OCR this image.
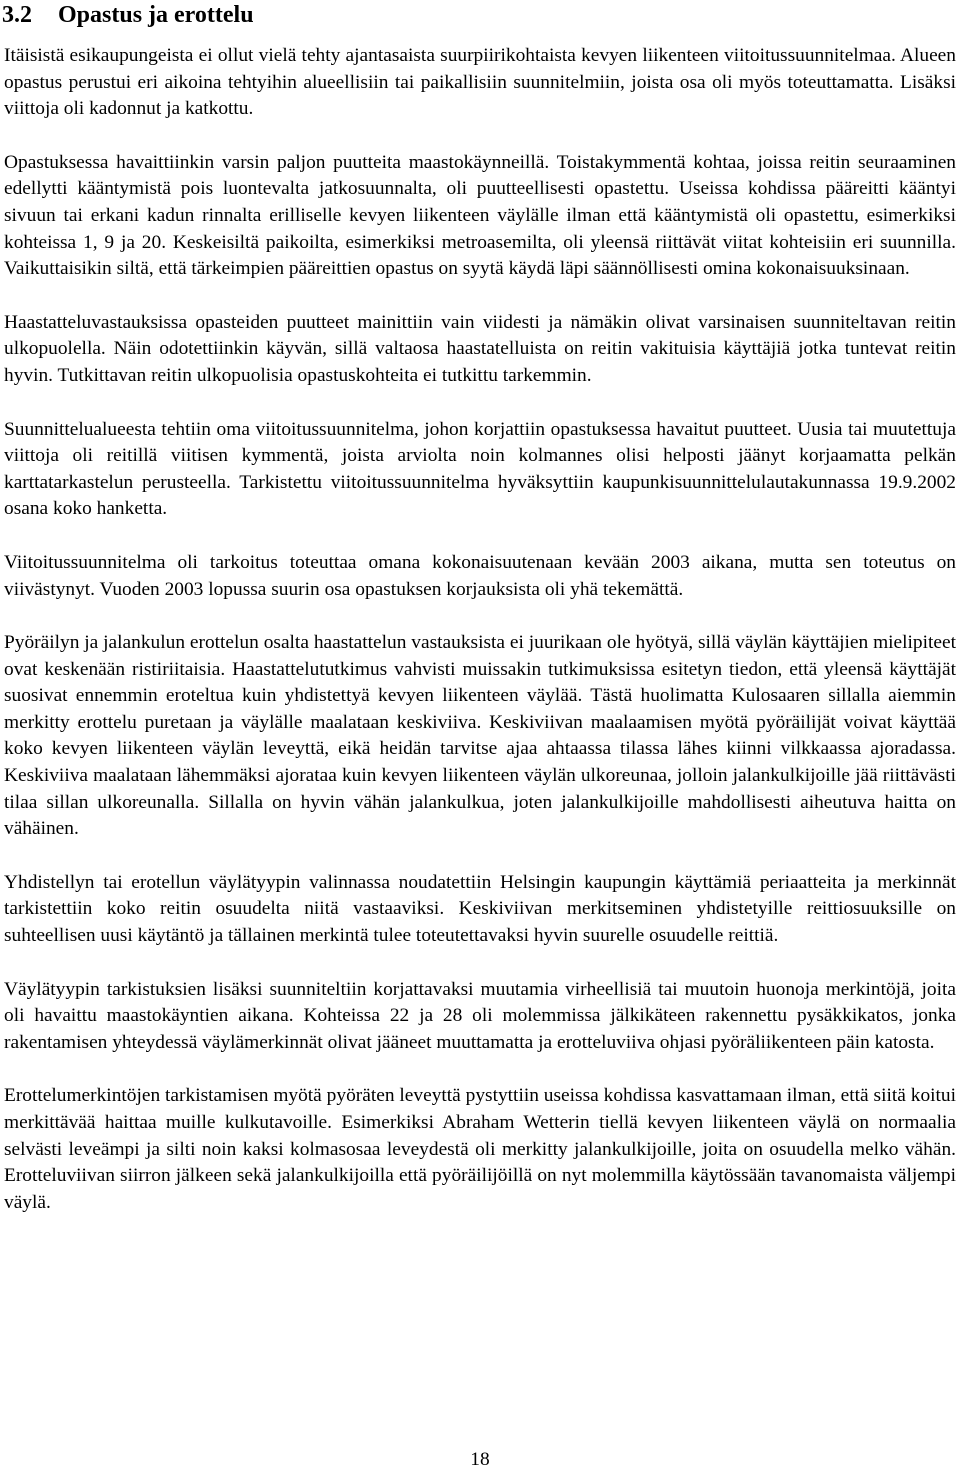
3.2 Opastus ja erottelu

Itäisistä esikaupungeista ei ollut vielä tehty ajantasaista suurpiirikohtaista kevyen liikenteen viitoitussuunnitelmaa. Alueen opastus perustui eri aikoina tehtyihin alueellisiin tai paikallisiin suunnitelmiin, joista osa oli myös toteuttamatta. Lisäksi viittoja oli kadonnut ja katkottu.

Opastuksessa havaittiinkin varsin paljon puutteita maastokäynneillä. Toistakymmentä kohtaa, joissa reitin seuraaminen edellytti kääntymistä pois luontevalta jatkosuunnalta, oli puutteellisesti opastettu. Useissa kohdissa pääreitti kääntyi sivuun tai erkani kadun rinnalta erilliselle kevyen liikenteen väylälle ilman että kääntymistä oli opastettu, esimerkiksi kohteissa 1, 9 ja 20. Keskeisiltä paikoilta, esimerkiksi metroasemilta, oli yleensä riittävät viitat kohteisiin eri suunnilla. Vaikuttaisikin siltä, että tärkeimpien pääreittien opastus on syytä käydä läpi säännöllisesti omina kokonaisuuksinaan.

Haastatteluvastauksissa opasteiden puutteet mainittiin vain viidesti ja nämäkin olivat varsinaisen suunniteltavan reitin ulkopuolella. Näin odotettiinkin käyvän, sillä valtaosa haastatelluista on reitin vakituisia käyttäjiä jotka tuntevat reitin hyvin. Tutkittavan reitin ulkopuolisia opastuskohteita ei tutkittu tarkemmin.

Suunnittelualueesta tehtiin oma viitoitussuunnitelma, johon korjattiin opastuksessa havaitut puutteet. Uusia tai muutettuja viittoja oli reitillä viitisen kymmentä, joista arviolta noin kolmannes olisi helposti jäänyt korjaamatta pelkän karttatarkastelun perusteella. Tarkistettu viitoitussuunnitelma hyväksyttiin kaupunkisuunnittelulautakunnassa 19.9.2002 osana koko hanketta.

Viitoitussuunnitelma oli tarkoitus toteuttaa omana kokonaisuutenaan kevään 2003 aikana, mutta sen toteutus on viivästynyt. Vuoden 2003 lopussa suurin osa opastuksen korjauksista oli yhä tekemättä.

Pyöräilyn ja jalankulun erottelun osalta haastattelun vastauksista ei juurikaan ole hyötyä, sillä väylän käyttäjien mielipiteet ovat keskenään ristiriitaisia. Haastattelututkimus vahvisti muissakin tutkimuksissa esitetyn tiedon, että yleensä käyttäjät suosivat ennemmin eroteltua kuin yhdistettyä kevyen liikenteen väylää. Tästä huolimatta Kulosaaren sillalla aiemmin merkitty erottelu puretaan ja väylälle maalataan keskiviiva. Keskiviivan maalaamisen myötä pyöräilijät voivat käyttää koko kevyen liikenteen väylän leveyttä, eikä heidän tarvitse ajaa ahtaassa tilassa lähes kiinni vilkkaassa ajoradassa. Keskiviiva maalataan lähemmäksi ajorataa kuin kevyen liikenteen väylän ulkoreunaa, jolloin jalankulkijoille jää riittävästi tilaa sillan ulkoreunalla. Sillalla on hyvin vähän jalankulkua, joten jalankulkijoille mahdollisesti aiheutuva haitta on vähäinen.

Yhdistellyn tai erotellun väylätyypin valinnassa noudatettiin Helsingin kaupungin käyttämiä periaatteita ja merkinnät tarkistettiin koko reitin osuudelta niitä vastaaviksi. Keskiviivan merkitseminen yhdistetyille reittiosuuksille on suhteellisen uusi käytäntö ja tällainen merkintä tulee toteutettavaksi hyvin suurelle osuudelle reittiä.

Väylätyypin tarkistuksien lisäksi suunniteltiin korjattavaksi muutamia virheellisiä tai muutoin huonoja merkintöjä, joita oli havaittu maastokäyntien aikana. Kohteissa 22 ja 28 oli molemmissa jälkikäteen rakennettu pysäkkikatos, jonka rakentamisen yhteydessä väylämerkinnät olivat jääneet muuttamatta ja erotteluviiva ohjasi pyöräliikenteen päin katosta.

Erottelumerkintöjen tarkistamisen myötä pyöräten leveyttä pystyttiin useissa kohdissa kasvattamaan ilman, että siitä koitui merkittävää haittaa muille kulkutavoille. Esimerkiksi Abraham Wetterin tiellä kevyen liikenteen väylä on normaalia selvästi leveämpi ja silti noin kaksi kolmasosaa leveydestä oli merkitty jalankulkijoille, joita on osuudella melko vähän. Erotteluviivan siirron jälkeen sekä jalankulkijoilla että pyöräilijöillä on nyt molemmilla käytössään tavanomaista väljempi väylä.

18
